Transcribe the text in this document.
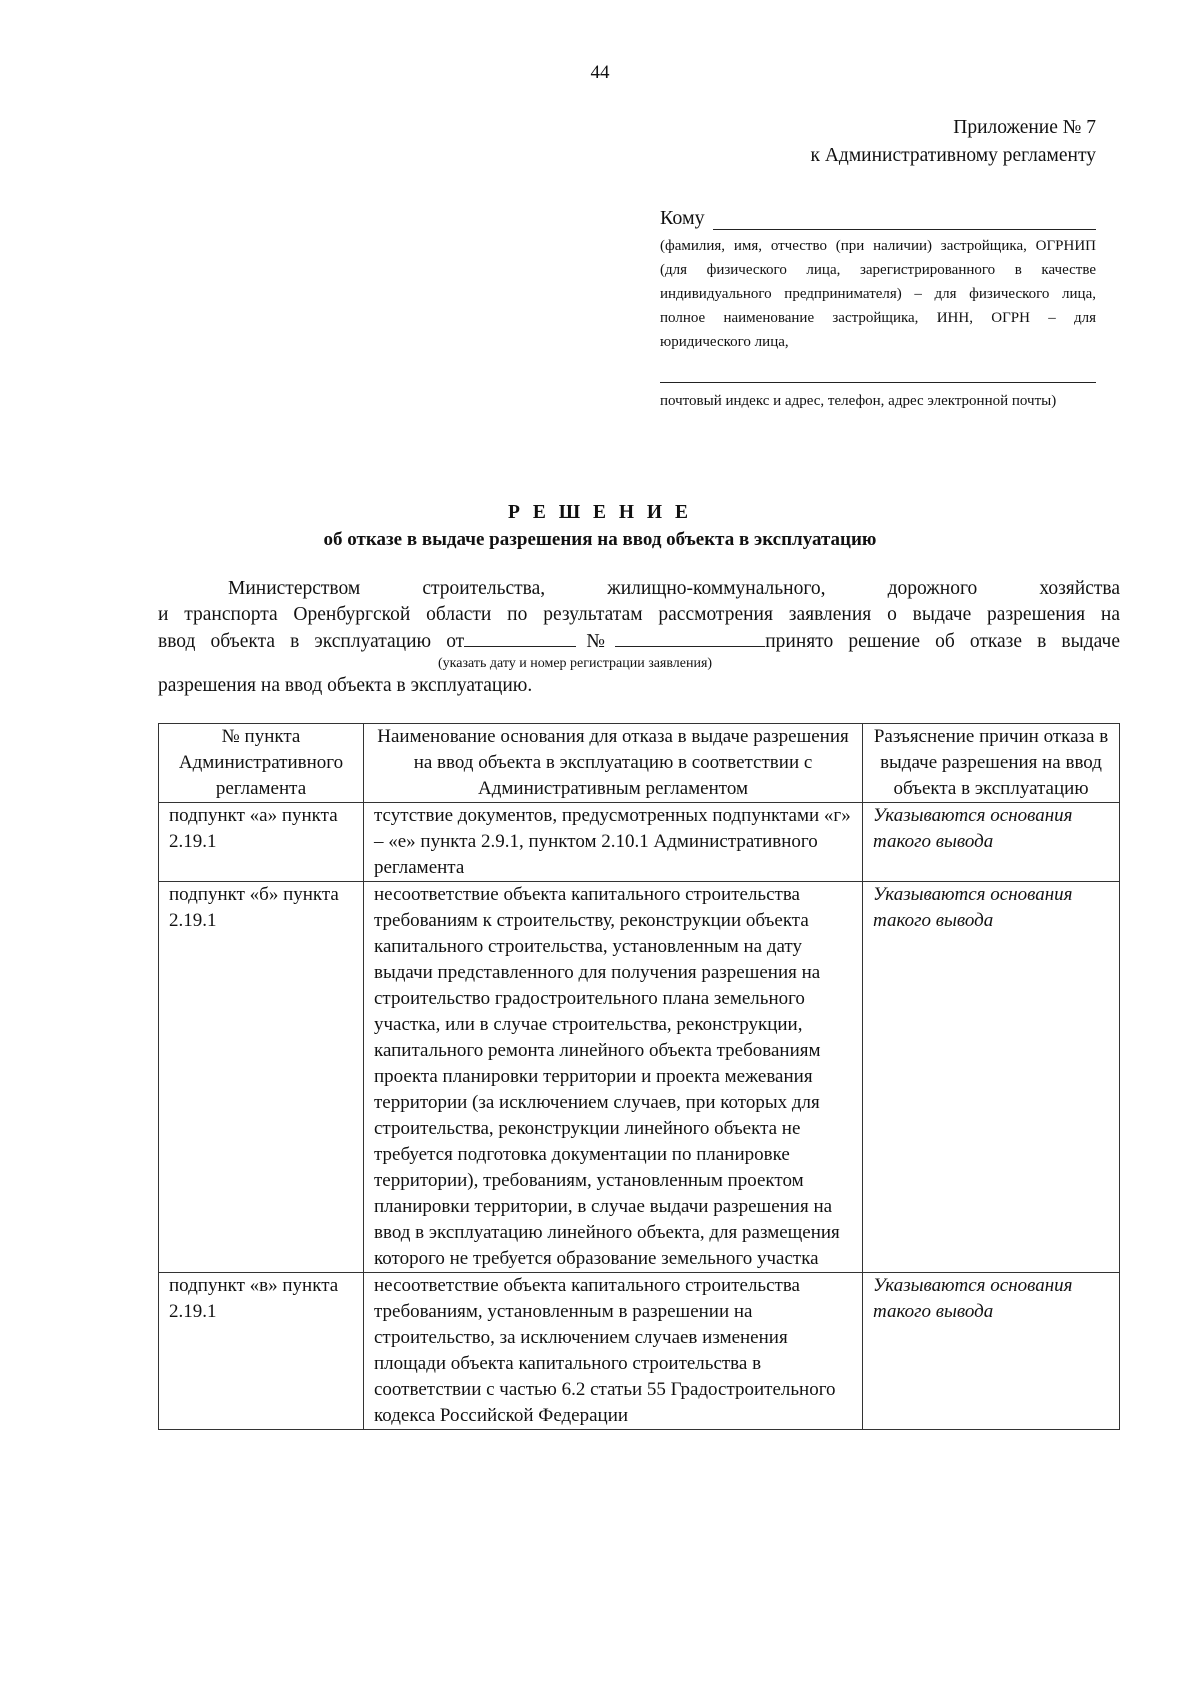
44
Приложение № 7
к Административному регламенту
Кому
(фамилия, имя, отчество (при наличии) застройщика, ОГРНИП (для физического лица, зарегистрированного в качестве индивидуального предпринимателя) – для физического лица, полное наименование застройщика, ИНН, ОГРН – для юридического лица,
почтовый индекс и адрес, телефон, адрес электронной почты)
Р Е Ш Е Н И Е
об отказе в выдаче разрешения на ввод объекта в эксплуатацию
Министерством строительства, жилищно-коммунального, дорожного хозяйства
и транспорта Оренбургской области по результатам рассмотрения заявления о выдаче разрешения на
ввод объекта в эксплуатацию от	№	принято решение об отказе в выдаче
(указать дату и номер регистрации заявления)
разрешения на ввод объекта в эксплуатацию.
№ пункта Административного регламента	Наименование основания для отказа в выдаче разрешения на ввод объекта в эксплуатацию в соответствии с Административным регламентом	Разъяснение причин отказа в выдаче разрешения на ввод объекта в эксплуатацию
подпункт «а» пункта 2.19.1	тсутствие документов, предусмотренных подпунктами «г» – «е» пункта 2.9.1, пунктом 2.10.1 Административного регламента	Указываются основания такого вывода
подпункт «б» пункта 2.19.1	несоответствие объекта капитального строительства требованиям к строительству, реконструкции объекта капитального строительства, установленным на дату выдачи представленного для получения разрешения на строительство градостроительного плана земельного участка, или в случае строительства, реконструкции, капитального ремонта линейного объекта требованиям проекта планировки территории и проекта межевания территории (за исключением случаев, при которых для строительства, реконструкции линейного объекта не требуется подготовка документации по планировке территории), требованиям, установленным проектом планировки территории, в случае выдачи разрешения на ввод в эксплуатацию линейного объекта, для размещения которого не требуется образование земельного участка	Указываются основания такого вывода
подпункт «в» пункта 2.19.1	несоответствие объекта капитального строительства требованиям, установленным в разрешении на строительство, за исключением случаев изменения площади объекта капитального строительства в соответствии с частью 6.2 статьи 55 Градостроительного кодекса Российской Федерации	Указываются основания такого вывода
